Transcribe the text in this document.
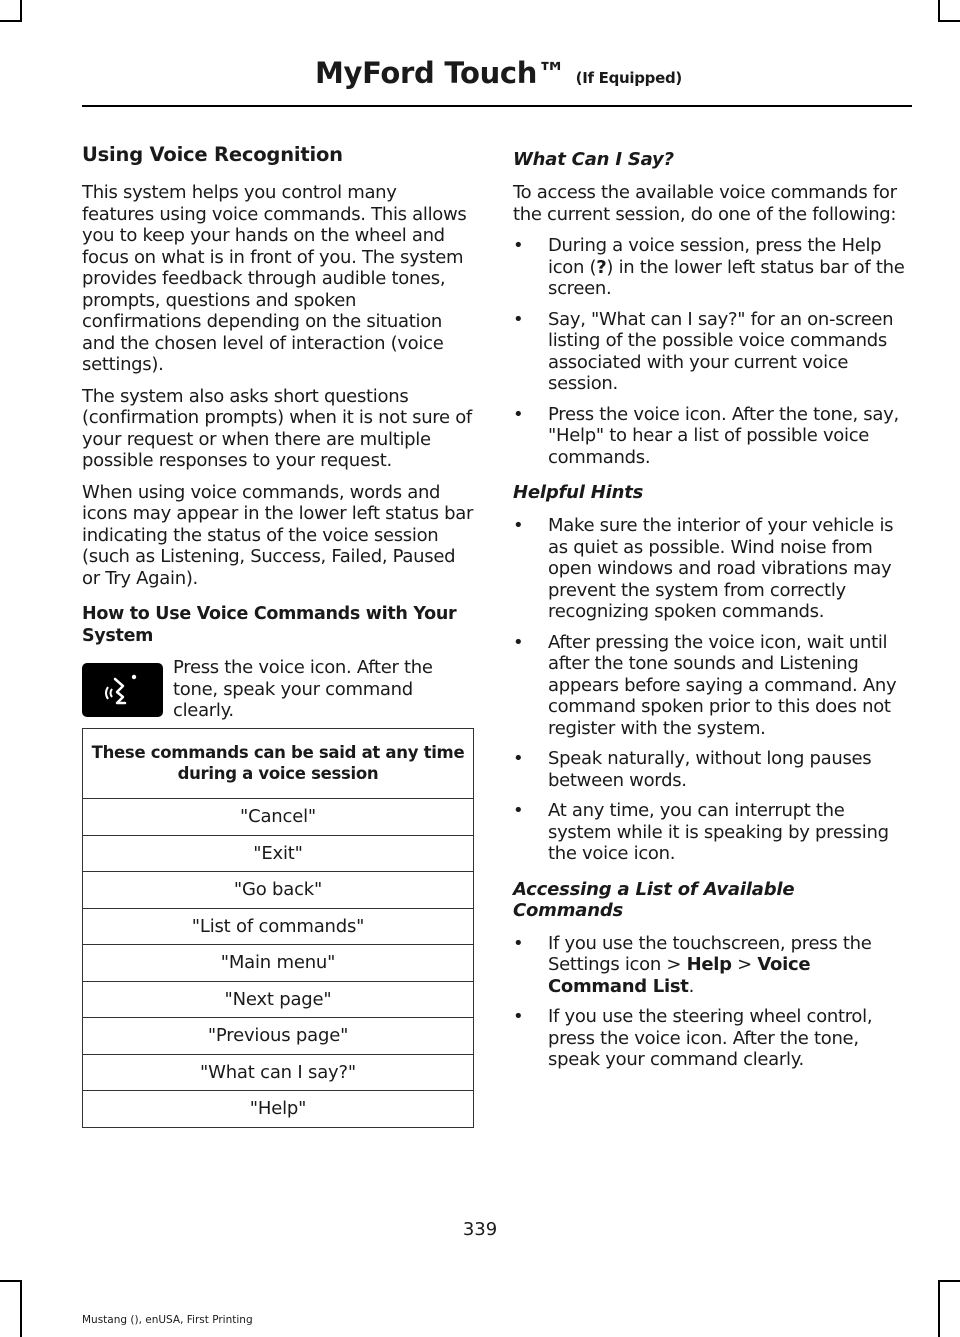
MyFord Touch™ (If Equipped)
Using Voice Recognition

This system helps you control many features using voice commands. This allows you to keep your hands on the wheel and focus on what is in front of you. The system provides feedback through audible tones, prompts, questions and spoken confirmations depending on the situation and the chosen level of interaction (voice settings).

The system also asks short questions (confirmation prompts) when it is not sure of your request or when there are multiple possible responses to your request.

When using voice commands, words and icons may appear in the lower left status bar indicating the status of the voice session (such as Listening, Success, Failed, Paused or Try Again).

How to Use Voice Commands with Your System

Press the voice icon. After the tone, speak your command clearly.

These commands can be said at any time during a voice session
"Cancel"
"Exit"
"Go back"
"List of commands"
"Main menu"
"Next page"
"Previous page"
"What can I say?"
"Help"
What Can I Say?

To access the available voice commands for the current session, do one of the following:

• During a voice session, press the Help icon (?) in the lower left status bar of the screen.
• Say, "What can I say?" for an on-screen listing of the possible voice commands associated with your current voice session.
• Press the voice icon. After the tone, say, "Help" to hear a list of possible voice commands.
Helpful Hints
• Make sure the interior of your vehicle is as quiet as possible. Wind noise from open windows and road vibrations may prevent the system from correctly recognizing spoken commands.
• After pressing the voice icon, wait until after the tone sounds and Listening appears before saying a command. Any command spoken prior to this does not register with the system.
• Speak naturally, without long pauses between words.
• At any time, you can interrupt the system while it is speaking by pressing the voice icon.
Accessing a List of Available Commands
• If you use the touchscreen, press the Settings icon > Help > Voice Command List.
• If you use the steering wheel control, press the voice icon. After the tone, speak your command clearly.
339
Mustang (), enUSA, First Printing
